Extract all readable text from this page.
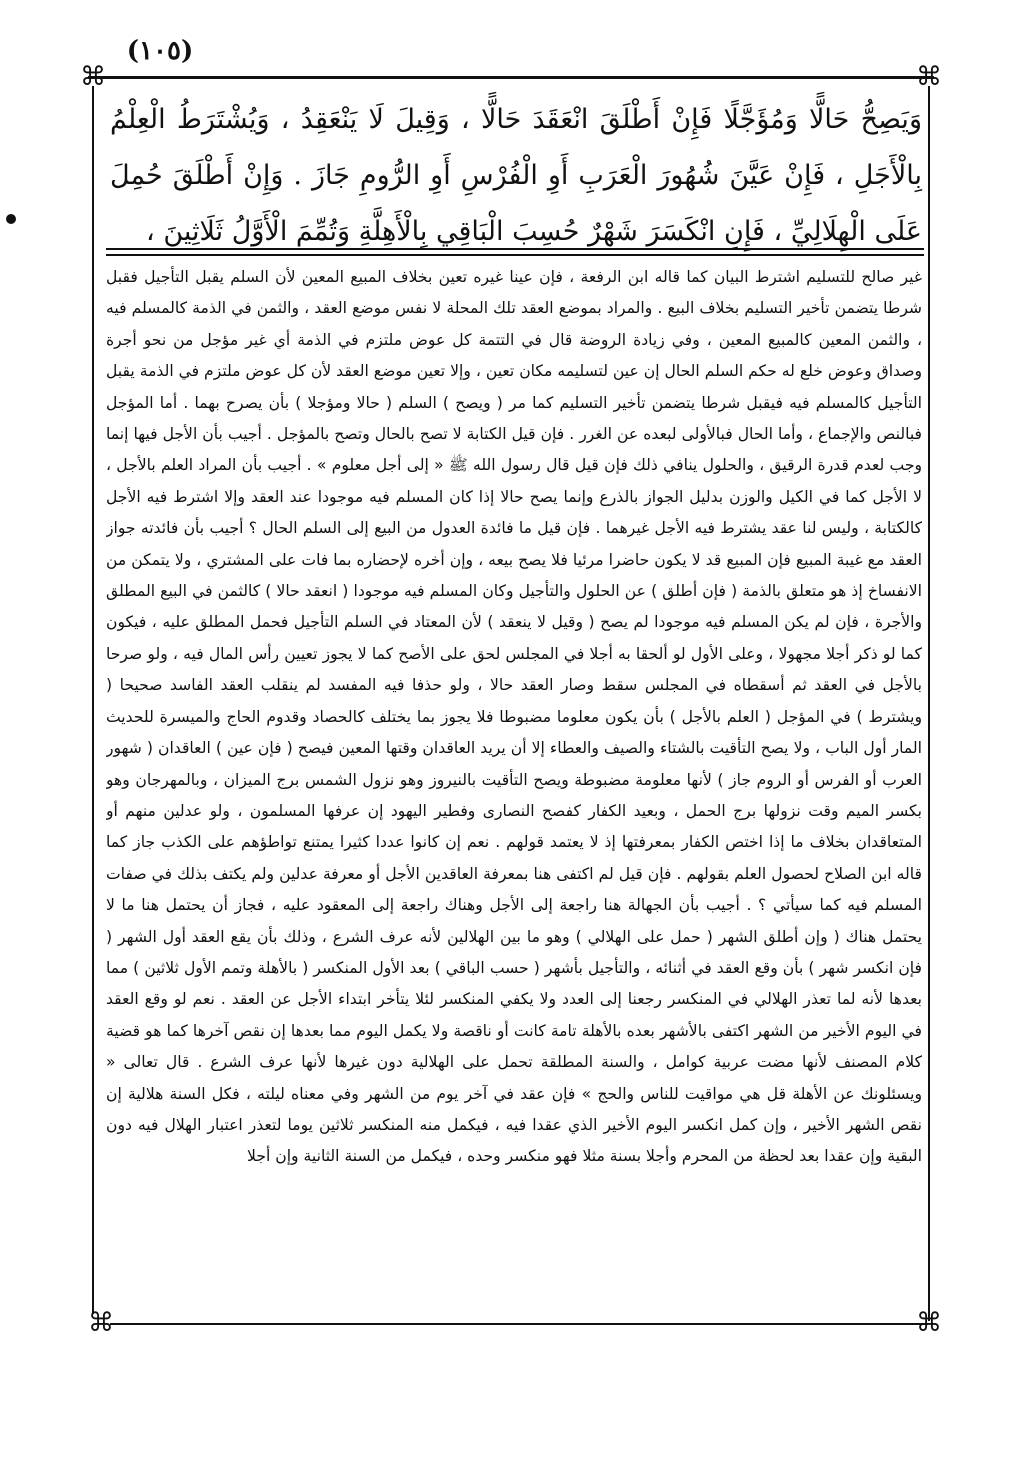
(١٠٥)
⌘	⌘

وَيَصِحُّ حَالًّا وَمُؤَجَّلًا فَإِنْ أَطْلَقَ انْعَقَدَ حَالًّا ، وَقِيلَ لَا يَنْعَقِدُ ، وَيُشْتَرَطُ الْعِلْمُ بِالْأَجَلِ ، فَإِنْ عَيَّنَ شُهُورَ الْعَرَبِ أَوِ الْفُرْسِ أَوِ الرُّومِ جَازَ . وَإِنْ أَطْلَقَ حُمِلَ عَلَى الْهِلَالِيِّ ، فَإِنِ انْكَسَرَ شَهْرٌ حُسِبَ الْبَاقِي بِالْأَهِلَّةِ وَتُمِّمَ الْأَوَّلُ ثَلَاثِينَ ،

غير صالح للتسليم اشترط البيان كما قاله ابن الرفعة ، فإن عينا غيره تعين بخلاف المبيع المعين لأن السلم يقبل التأجيل فقبل شرطا يتضمن تأخير التسليم بخلاف البيع . والمراد بموضع العقد تلك المحلة لا نفس موضع العقد ، والثمن في الذمة كالمسلم فيه ، والثمن المعين كالمبيع المعين ، وفي زيادة الروضة قال في التتمة كل عوض ملتزم في الذمة أي غير مؤجل من نحو أجرة وصداق وعوض خلع له حكم السلم الحال إن عين لتسليمه مكان تعين ، وإلا تعين موضع العقد لأن كل عوض ملتزم في الذمة يقبل التأجيل كالمسلم فيه فيقبل شرطا يتضمن تأخير التسليم كما مر ( ويصح ) السلم ( حالا ومؤجلا ) بأن يصرح بهما . أما المؤجل فبالنص والإجماع ، وأما الحال فبالأولى لبعده عن الغرر . فإن قيل الكتابة لا تصح بالحال وتصح بالمؤجل . أجيب بأن الأجل فيها إنما وجب لعدم قدرة الرقيق ، والحلول ينافي ذلك فإن قيل قال رسول الله ﷺ « إلى أجل معلوم » . أجيب بأن المراد العلم بالأجل ، لا الأجل كما في الكيل والوزن بدليل الجواز بالذرع وإنما يصح حالا إذا كان المسلم فيه موجودا عند العقد وإلا اشترط فيه الأجل كالكتابة ، وليس لنا عقد يشترط فيه الأجل غيرهما . فإن قيل ما فائدة العدول من البيع إلى السلم الحال ؟ أجيب بأن فائدته جواز العقد مع غيبة المبيع فإن المبيع قد لا يكون حاضرا مرئيا فلا يصح بيعه ، وإن أخره لإحضاره بما فات على المشتري ، ولا يتمكن من الانفساخ إذ هو متعلق بالذمة ( فإن أطلق ) عن الحلول والتأجيل وكان المسلم فيه موجودا ( انعقد حالا ) كالثمن في البيع المطلق والأجرة ، فإن لم يكن المسلم فيه موجودا لم يصح ( وقيل لا ينعقد ) لأن المعتاد في السلم التأجيل فحمل المطلق عليه ، فيكون كما لو ذكر أجلا مجهولا ، وعلى الأول لو ألحقا به أجلا في المجلس لحق على الأصح كما لا يجوز تعيين رأس المال فيه ، ولو صرحا بالأجل في العقد ثم أسقطاه في المجلس سقط وصار العقد حالا ، ولو حذفا فيه المفسد لم ينقلب العقد الفاسد صحيحا ( ويشترط ) في المؤجل ( العلم بالأجل ) بأن يكون معلوما مضبوطا فلا يجوز بما يختلف كالحصاد وقدوم الحاج والميسرة للحديث المار أول الباب ، ولا يصح التأقيت بالشتاء والصيف والعطاء إلا أن يريد العاقدان وقتها المعين فيصح ( فإن عين ) العاقدان ( شهور العرب أو الفرس أو الروم جاز ) لأنها معلومة مضبوطة ويصح التأقيت بالنيروز وهو نزول الشمس برج الميزان ، وبالمهرجان وهو بكسر الميم وقت نزولها برج الحمل ، وبعيد الكفار كفصح النصارى وفطير اليهود إن عرفها المسلمون ، ولو عدلين منهم أو المتعاقدان بخلاف ما إذا اختص الكفار بمعرفتها إذ لا يعتمد قولهم . نعم إن كانوا عددا كثيرا يمتنع تواطؤهم على الكذب جاز كما قاله ابن الصلاح لحصول العلم بقولهم . فإن قيل لم اكتفى هنا بمعرفة العاقدين الأجل أو معرفة عدلين ولم يكتف بذلك في صفات المسلم فيه كما سيأتي ؟ . أجيب بأن الجهالة هنا راجعة إلى الأجل وهناك راجعة إلى المعقود عليه ، فجاز أن يحتمل هنا ما لا يحتمل هناك ( وإن أطلق الشهر ( حمل على الهلالي ) وهو ما بين الهلالين لأنه عرف الشرع ، وذلك بأن يقع العقد أول الشهر ( فإن انكسر شهر ) بأن وقع العقد في أثنائه ، والتأجيل بأشهر ( حسب الباقي ) بعد الأول المنكسر ( بالأهلة وتمم الأول ثلاثين ) مما بعدها لأنه لما تعذر الهلالي في المنكسر رجعنا إلى العدد ولا يكفي المنكسر لئلا يتأخر ابتداء الأجل عن العقد . نعم لو وقع العقد في اليوم الأخير من الشهر اكتفى بالأشهر بعده بالأهلة تامة كانت أو ناقصة ولا يكمل اليوم مما بعدها إن نقص آخرها كما هو قضية كلام المصنف لأنها مضت عربية كوامل ، والسنة المطلقة تحمل على الهلالية دون غيرها لأنها عرف الشرع . قال تعالى « ويسئلونك عن الأهلة قل هي مواقيت للناس والحج » فإن عقد في آخر يوم من الشهر وفي معناه ليلته ، فكل السنة هلالية إن نقص الشهر الأخير ، وإن كمل انكسر اليوم الأخير الذي عقدا فيه ، فيكمل منه المنكسر ثلاثين يوما لتعذر اعتبار الهلال فيه دون البقية وإن عقدا بعد لحظة من المحرم وأجلا بسنة مثلا فهو منكسر وحده ، فيكمل من السنة الثانية وإن أجلا

⌘	⌘
